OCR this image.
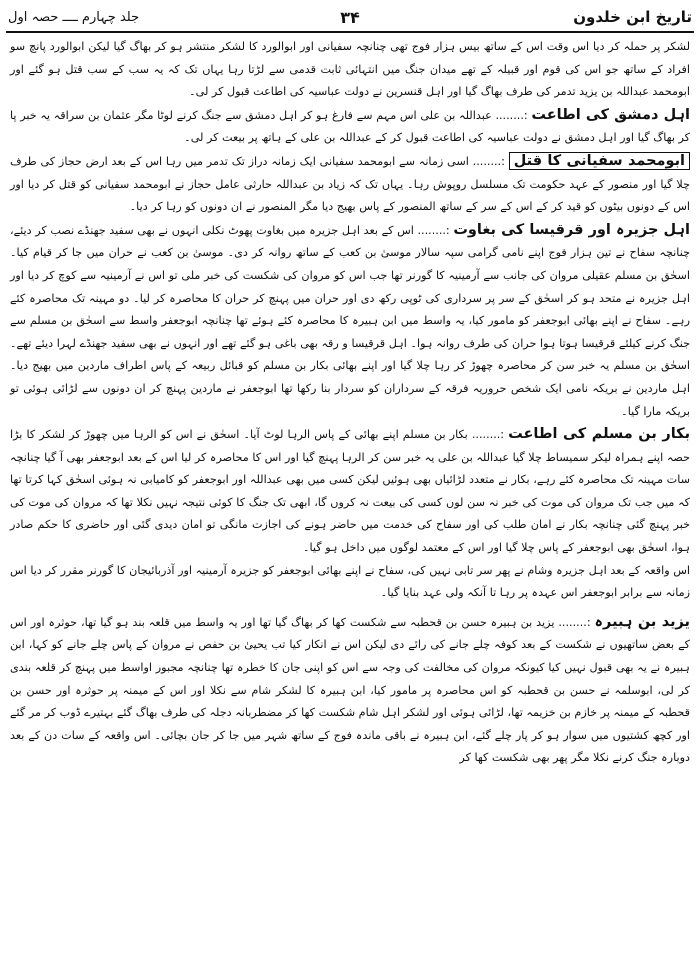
تاریخ ابن خلدون
۳۴
جلد چہارم ــــ حصہ اول

لشکر پر حملہ کر دیا اس وقت اس کے ساتھ بیس ہزار فوج تھی چنانچہ سفیانی اور ابوالورد کا لشکر منتشر ہو کر بھاگ گیا لیکن ابوالورد پانچ سو افراد کے ساتھ جو اس کی قوم اور قبیلہ کے تھے میدان جنگ میں انتہائی ثابت قدمی سے لڑتا رہا یہاں تک کہ یہ سب کے سب قتل ہو گئے اور ابومحمد عبداللہ بن یزید تدمر کی طرف بھاگ گیا اور اہل قنسرین نے دولت عباسیہ کی اطاعت قبول کر لی۔

اہل دمشق کی اطاعت :........ عبداللہ بن علی اس مہم سے فارغ ہو کر اہل دمشق سے جنگ کرنے لوٹا مگر عثمان بن سراقہ یہ خبر پا کر بھاگ گیا اور اہل دمشق نے دولت عباسیہ کی اطاعت قبول کر کے عبداللہ بن علی کے ہاتھ پر بیعت کر لی۔

ابومحمد سفیانی کا قتل :........ اسی زمانہ سے ابومحمد سفیانی ایک زمانہ دراز تک تدمر میں رہا اس کے بعد ارض حجاز کی طرف چلا گیا اور منصور کے عہد حکومت تک مسلسل روپوش رہا۔ یہاں تک کہ زیاد بن عبداللہ حارثی عامل حجاز نے ابومحمد سفیانی کو قتل کر دیا اور اس کے دونوں بیٹوں کو قید کر کے اس کے سر کے ساتھ المنصور کے پاس بھیج دیا مگر المنصور نے ان دونوں کو رہا کر دیا۔

اہل جزیرہ اور قرقیسا کی بغاوت :........ اس کے بعد اہل جزیرہ میں بغاوت پھوٹ نکلی انہوں نے بھی سفید جھنڈے نصب کر دیئے، چنانچہ سفاح نے تین ہزار فوج اپنے نامی گرامی سپہ سالار موسیٰ بن کعب کے ساتھ روانہ کر دی۔ موسیٰ بن کعب نے حران میں جا کر قیام کیا۔ اسحٰق بن مسلم عقیلی مروان کی جانب سے آرمینیہ کا گورنر تھا جب اس کو مروان کی شکست کی خبر ملی تو اس نے آرمینیہ سے کوچ کر دیا اور اہل جزیرہ نے متحد ہو کر اسحٰق کے سر پر سرداری کی ٹوپی رکھ دی اور حران میں پہنچ کر حران کا محاصرہ کر لیا۔ دو مہینہ تک محاصرہ کئے رہے۔ سفاح نے اپنے بھائی ابوجعفر کو مامور کیا، یہ واسط میں ابن ہبیرہ کا محاصرہ کئے ہوئے تھا چنانچہ ابوجعفر واسط سے اسحٰق بن مسلم سے جنگ کرنے کیلئے قرقیسا ہوتا ہوا حران کی طرف روانہ ہوا۔ اہل قرقیسا و رقہ بھی باغی ہو گئے تھے اور انہوں نے بھی سفید جھنڈے لہرا دیئے تھے۔ اسحٰق بن مسلم یہ خبر سن کر محاصرہ چھوڑ کر رہا چلا گیا اور اپنے بھائی بکار بن مسلم کو قبائل ربیعہ کے پاس اطراف ماردین میں بھیج دیا۔ اہل ماردین نے بریکہ نامی ایک شخص حروریہ فرقہ کے سرداران کو سردار بنا رکھا تھا ابوجعفر نے ماردین پہنچ کر ان دونوں سے لڑائی ہوئی تو بریکہ مارا گیا۔

بکار بن مسلم کی اطاعت :........ بکار بن مسلم اپنے بھائی کے پاس الرہا لوٹ آیا۔ اسحٰق نے اس کو الرہا میں چھوڑ کر لشکر کا بڑا حصہ اپنے ہمراہ لیکر سمیساط چلا گیا عبداللہ بن علی یہ خبر سن کر الرہا پہنچ گیا اور اس کا محاصرہ کر لیا اس کے بعد ابوجعفر بھی آ گیا چنانچہ سات مہینہ تک محاصرہ کئے رہے، بکار نے متعدد لڑائیاں بھی ہوئیں لیکن کسی میں بھی عبداللہ اور ابوجعفر کو کامیابی نہ ہوئی اسحٰق کہا کرتا تھا کہ میں جب تک مروان کی موت کی خبر نہ سن لوں کسی کی بیعت نہ کروں گا، ابھی تک جنگ کا کوئی نتیجہ نہیں نکلا تھا کہ مروان کی موت کی خبر پہنچ گئی چنانچہ بکار نے امان طلب کی اور سفاح کی خدمت میں حاضر ہونے کی اجازت مانگی تو امان دیدی گئی اور حاضری کا حکم صادر ہوا، اسحٰق بھی ابوجعفر کے پاس چلا گیا اور اس کے معتمد لوگوں میں داخل ہو گیا۔

اس واقعہ کے بعد اہل جزیرہ وشام نے پھر سر تابی نہیں کی، سفاح نے اپنے بھائی ابوجعفر کو جزیرہ آرمینیہ اور آذربائیجان کا گورنر مقرر کر دیا اس زمانہ سے برابر ابوجعفر اس عہدہ پر رہا تا آنکہ ولی عہد بنایا گیا۔

یزید بن ہبیرہ :........ یزید بن ہبیرہ حسن بن قحطبہ سے شکست کھا کر بھاگ گیا تھا اور یہ واسط میں قلعہ بند ہو گیا تھا، حوثرہ اور اس کے بعض ساتھیوں نے شکست کے بعد کوفہ چلے جانے کی رائے دی لیکن اس نے انکار کیا تب یحییٰ بن حفص نے مروان کے پاس چلے جانے کو کہا، ابن ہبیرہ نے یہ بھی قبول نہیں کیا کیونکہ مروان کی مخالفت کی وجہ سے اس کو اپنی جان کا خطرہ تھا چنانچہ مجبور اواسط میں پہنچ کر قلعہ بندی کر لی، ابوسلمہ نے حسن بن قحطبہ کو اس محاصرہ پر مامور کیا، ابن ہبیرہ کا لشکر شام سے نکلا اور اس کے میمنہ پر حوثرہ اور حسن بن قحطبہ کے میمنہ پر خازم بن خزیمہ تھا، لڑائی ہوئی اور لشکر اہل شام شکست کھا کر مضطربانہ دجلہ کی طرف بھاگ گئے بہتیرے ڈوب کر مر گئے اور کچھ کشتیوں میں سوار ہو کر پار چلے گئے، ابن ہبیرہ نے باقی ماندہ فوج کے ساتھ شہر میں جا کر جان بچائی۔ اس واقعہ کے سات دن کے بعد دوبارہ جنگ کرنے نکلا مگر پھر بھی شکست کھا کر
